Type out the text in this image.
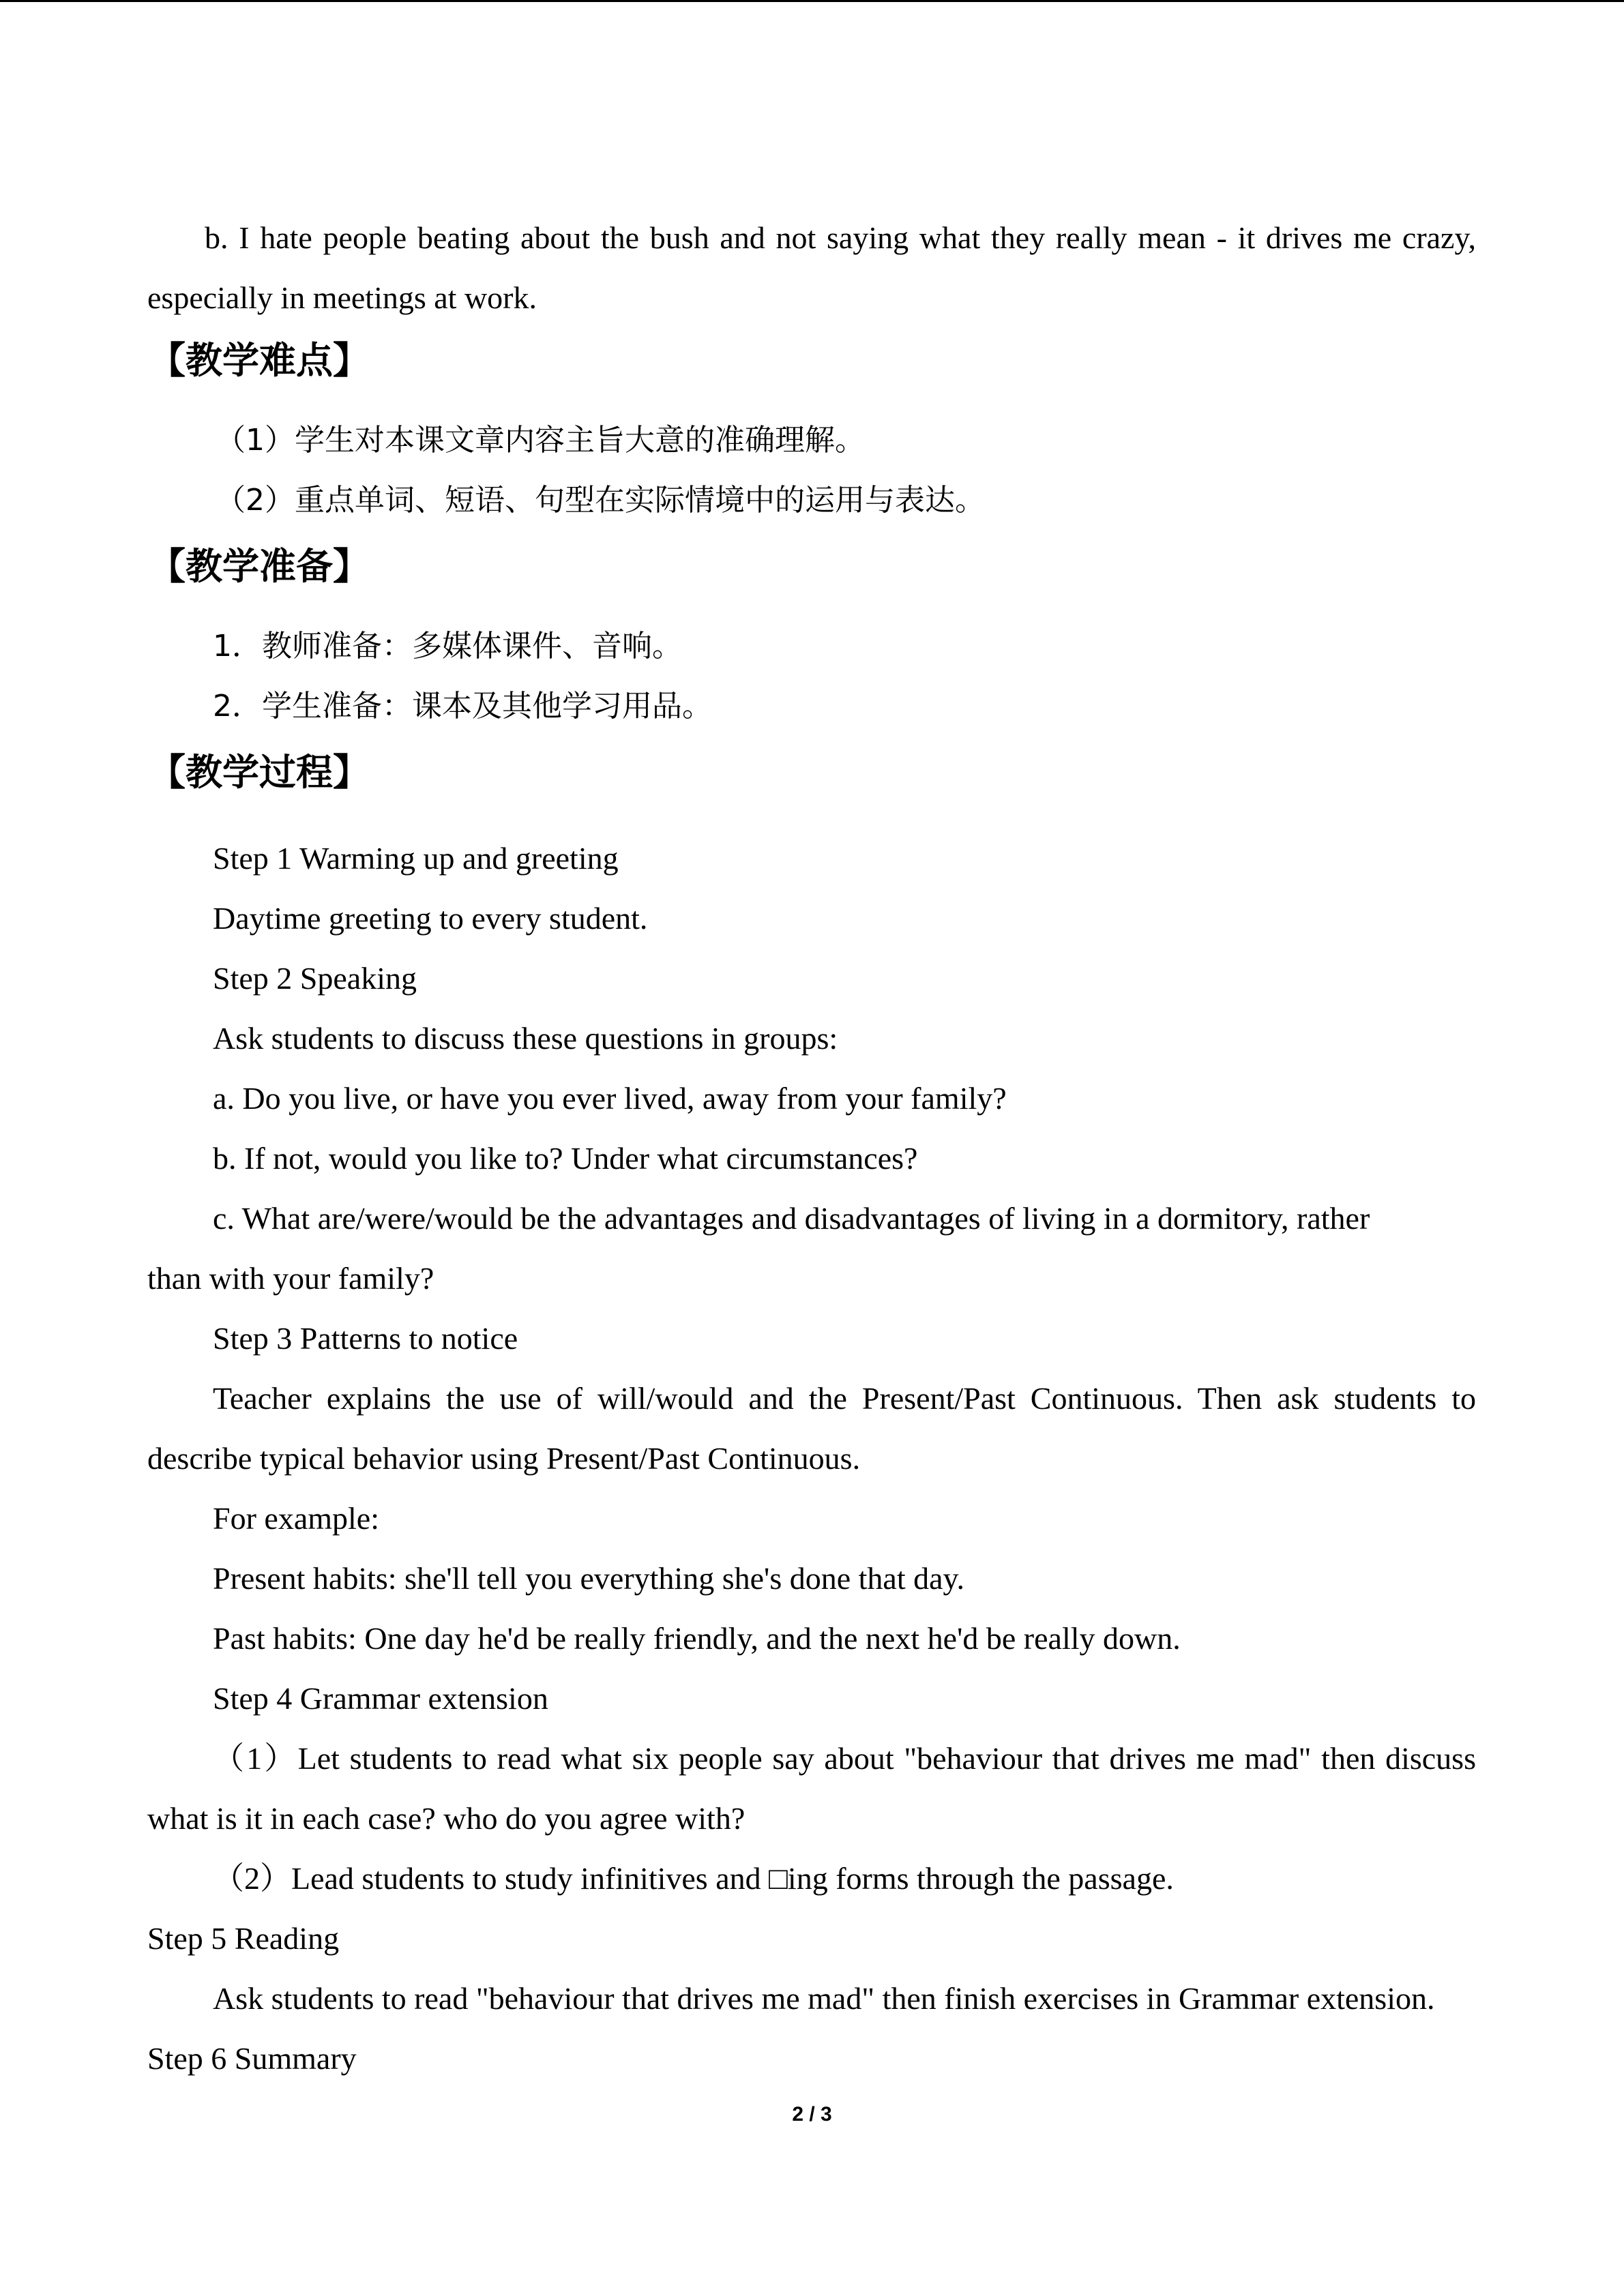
b. I hate people beating about the bush and not saying what they really mean - it drives me crazy,
especially in meetings at work.
【教学难点】
（1）学生对本课文章内容主旨大意的准确理解。
（2）重点单词、短语、句型在实际情境中的运用与表达。
【教学准备】
1．教师准备：多媒体课件、音响。
2．学生准备：课本及其他学习用品。
【教学过程】
Step 1 Warming up and greeting
Daytime greeting to every student.
Step 2 Speaking
Ask students to discuss these questions in groups:
a. Do you live, or have you ever lived, away from your family?
b. If not, would you like to? Under what circumstances?
c. What are/were/would be the advantages and disadvantages of living in a dormitory, rather
than with your family?
Step 3 Patterns to notice
Teacher explains the use of will/would and the Present/Past Continuous. Then ask students to
describe typical behavior using Present/Past Continuous.
For example:
Present habits: she'll tell you everything she's done that day.
Past habits: One day he'd be really friendly, and the next he'd be really down.
Step 4 Grammar extension
（1）Let students to read what six people say about "behaviour that drives me mad" then discuss
what is it in each case? who do you agree with?
（2）Lead students to study infinitives and □ing forms through the passage.
Step 5 Reading
Ask students to read "behaviour that drives me mad" then finish exercises in Grammar extension.
Step 6 Summary
2 / 3
